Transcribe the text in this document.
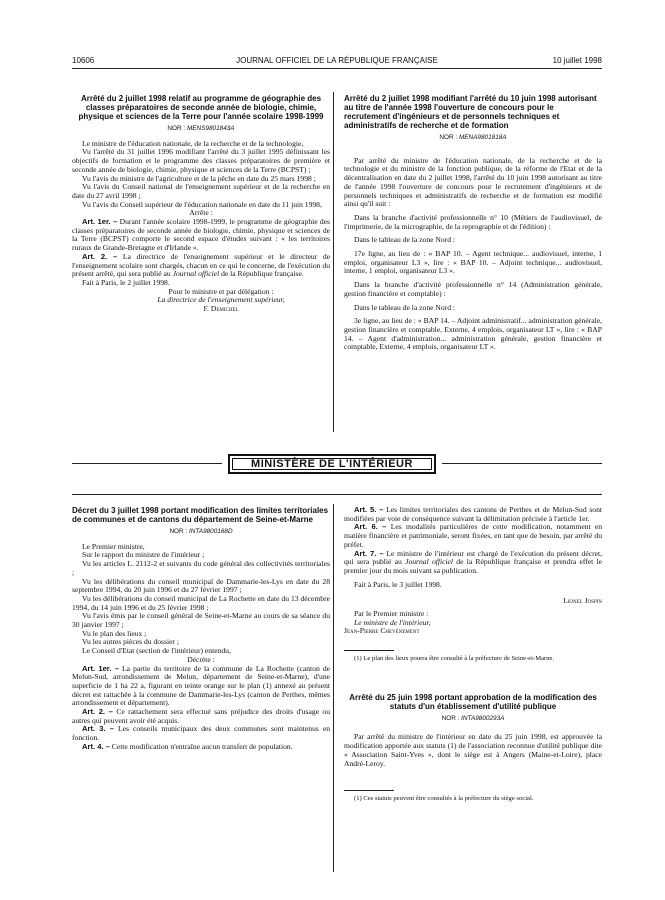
10606	JOURNAL OFFICIEL DE LA RÉPUBLIQUE FRANÇAISE	10 juillet 1998
Arrêté du 2 juillet 1998 relatif au programme de géographie des classes préparatoires de seconde année de biologie, chimie, physique et sciences de la Terre pour l'année scolaire 1998-1999
NOR : MENS9801843A

Le ministre de l'éducation nationale, de la recherche et de la technologie,

Vu l'arrêté du 31 juillet 1996 modifiant l'arrêté du 3 juillet 1995 définissant les objectifs de formation et le programme des classes préparatoires de première et seconde année de biologie, chimie, physique et sciences de la Terre (BCPST) ;

Vu l'avis du ministre de l'agriculture et de la pêche en date du 25 mars 1998 ;

Vu l'avis du Conseil national de l'enseignement supérieur et de la recherche en date du 27 avril 1998 ;

Vu l'avis du Conseil supérieur de l'éducation nationale en date du 11 juin 1998,

Arrête :

Art. 1er. – Durant l'année scolaire 1998-1999, le programme de géographie des classes préparatoires de seconde année de biologie, chimie, physique et sciences de la Terre (BCPST) comporte le second espace d'études suivant : « les territoires ruraux de Grande-Bretagne et d'Irlande ».

Art. 2. – La directrice de l'enseignement supérieur et le directeur de l'enseignement scolaire sont chargés, chacun en ce qui le concerne, de l'exécution du présent arrêté, qui sera publié au Journal officiel de la République française.

Fait à Paris, le 2 juillet 1998.

Pour le ministre et par délégation :

La directrice de l'enseignement supérieur,

F. Demichel

Arrêté du 2 juillet 1998 modifiant l'arrêté du 10 juin 1998 autorisant au titre de l'année 1998 l'ouverture de concours pour le recrutement d'ingénieurs et de personnels techniques et administratifs de recherche et de formation
NOR : MENA9801818A

Par arrêté du ministre de l'éducation nationale, de la recherche et de la technologie et du ministre de la fonction publique, de la réforme de l'Etat et de la décentralisation en date du 2 juillet 1998, l'arrêté du 10 juin 1998 autorisant au titre de l'année 1998 l'ouverture de concours pour le recrutement d'ingénieurs et de personnels techniques et administratifs de recherche et de formation est modifié ainsi qu'il suit :

Dans la branche d'activité professionnelle n° 10 (Métiers de l'audiovisuel, de l'imprimerie, de la micrographie, de la reprographie et de l'édition) :

Dans le tableau de la zone Nord :

17e ligne, au lieu de : « BAP 10. – Agent technique... audiovisuel, interne, 1 emploi, organisateur L3 », lire : « BAP 10. – Adjoint technique... audiovisuel, interne, 1 emploi, organisateur L3 ».

Dans la branche d'activité professionnelle n° 14 (Administration générale, gestion financière et comptable) :

Dans le tableau de la zone Nord :

3e ligne, au lieu de : « BAP 14. – Adjoint administratif... administration générale, gestion financière et comptable, Externe, 4 emplois, organisateur LT », lire : « BAP 14. – Agent d'administration... administration générale, gestion financière et comptable, Externe, 4 emplois, organisateur LT ».

MINISTÈRE DE L'INTÉRIEUR
Décret du 3 juillet 1998 portant modification des limites territoriales de communes et de cantons du département de Seine-et-Marne
NOR : INTA9800168D

Le Premier ministre,

Sur le rapport du ministre de l'intérieur ;

Vu les articles L. 2112-2 et suivants du code général des collectivités territoriales ;

Vu les délibérations du conseil municipal de Dammarie-les-Lys en date du 28 septembre 1994, du 20 juin 1996 et du 27 février 1997 ;

Vu les délibérations du conseil municipal de La Rochette en date du 13 décembre 1994, du 14 juin 1996 et du 25 février 1998 ;

Vu l'avis émis par le conseil général de Seine-et-Marne au cours de sa séance du 30 janvier 1997 ;

Vu le plan des lieux ;

Vu les autres pièces du dossier ;

Le Conseil d'Etat (section de l'intérieur) entendu,

Décrète :

Art. 1er. – La partie du territoire de la commune de La Rochette (canton de Melun-Sud, arrondissement de Melun, département de Seine-et-Marne), d'une superficie de 1 ha 22 a, figurant en teinte orange sur le plan (1) annexé au présent décret est rattachée à la commune de Dammarie-les-Lys (canton de Perthes, mêmes arrondissement et département).

Art. 2. – Ce rattachement sera effectué sans préjudice des droits d'usage ou autres qui peuvent avoir été acquis.

Art. 3. – Les conseils municipaux des deux communes sont maintenus en fonction.

Art. 4. – Cette modification n'entraîne aucun transfert de population.

Art. 5. – Les limites territoriales des cantons de Perthes et de Melun-Sud sont modifiées par voie de conséquence suivant la délimitation précisée à l'article 1er.

Art. 6. – Les modalités particulières de cette modification, notamment en matière financière et patrimoniale, seront fixées, en tant que de besoin, par arrêté du préfet.

Art. 7. – Le ministre de l'intérieur est chargé de l'exécution du présent décret, qui sera publié au Journal officiel de la République française et prendra effet le premier jour du mois suivant sa publication.

Fait à Paris, le 3 juillet 1998.

Lionel Jospin

Par le Premier ministre :

Le ministre de l'intérieur,

Jean-Pierre Chevènement

(1) Le plan des lieux pourra être consulté à la préfecture de Seine-et-Marne.

Arrêté du 25 juin 1998 portant approbation de la modification des statuts d'un établissement d'utilité publique
NOR : INTA9800293A

Par arrêté du ministre de l'intérieur en date du 25 juin 1998, est approuvée la modification apportée aux statuts (1) de l'association reconnue d'utilité publique dite « Association Saint-Yves », dont le siège est à Angers (Maine-et-Loire), place André-Leroy.

(1) Ces statuts peuvent être consultés à la préfecture du siège social.
